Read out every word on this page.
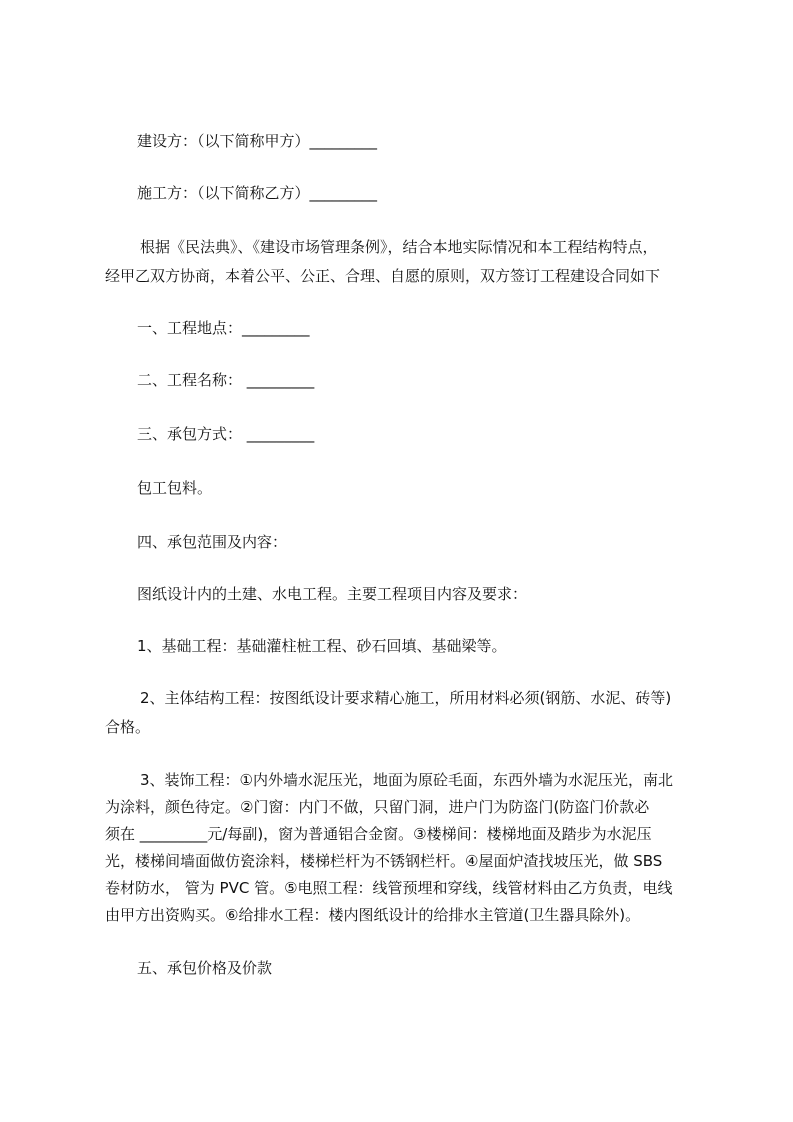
建设方：（以下简称甲方）_________
施工方：（以下简称乙方）_________
根据《民法典》、《建设市场管理条例》，结合本地实际情况和本工程结构特点，
经甲乙双方协商，本着公平、公正、合理、自愿的原则，双方签订工程建设合同如下
一、工程地点：_________
二、工程名称： _________
三、承包方式： _________
包工包料。
四、承包范围及内容：
图纸设计内的土建、水电工程。主要工程项目内容及要求：
1、基础工程：基础灌柱桩工程、砂石回填、基础梁等。
2、主体结构工程：按图纸设计要求精心施工，所用材料必须(钢筋、水泥、砖等)
合格。
3、装饰工程：①内外墙水泥压光，地面为原砼毛面，东西外墙为水泥压光，南北
为涂料，颜色待定。②门窗：内门不做，只留门洞，进户门为防盗门(防盗门价款必
须在 _________元/每副)，窗为普通铝合金窗。③楼梯间：楼梯地面及踏步为水泥压
光，楼梯间墙面做仿瓷涂料，楼梯栏杆为不锈钢栏杆。④屋面炉渣找坡压光，做 SBS
卷材防水， 管为 PVC 管。⑤电照工程：线管预埋和穿线，线管材料由乙方负责，电线
由甲方出资购买。⑥给排水工程：楼内图纸设计的给排水主管道(卫生器具除外)。
五、承包价格及价款
